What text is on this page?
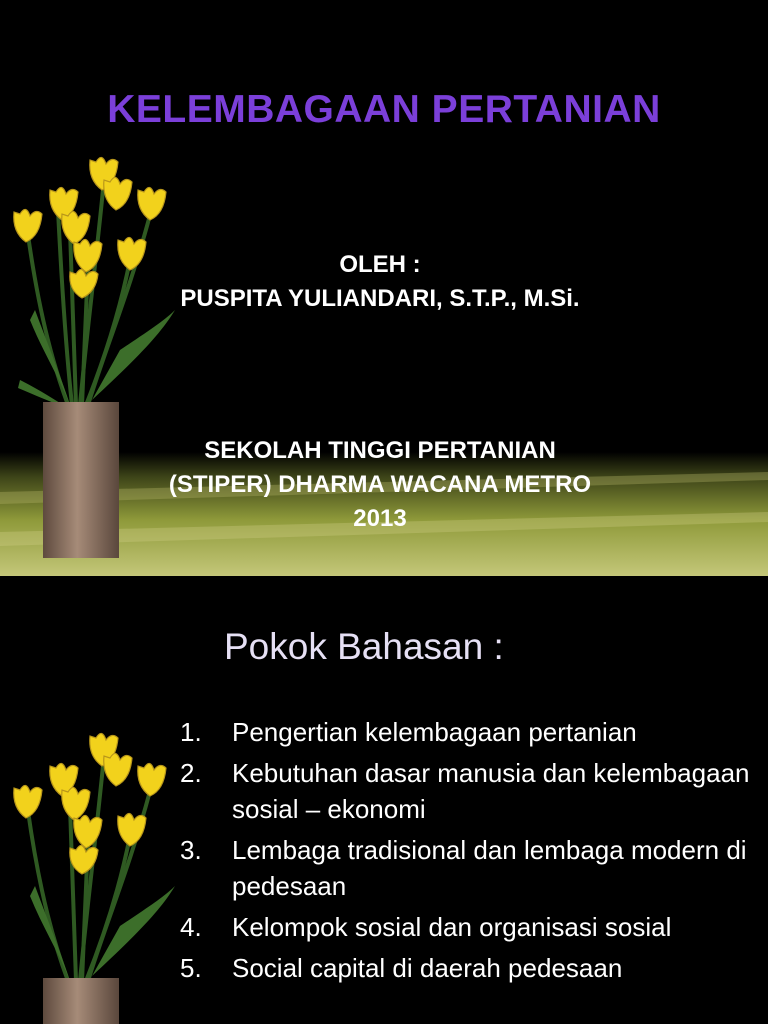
KELEMBAGAAN PERTANIAN
OLEH :
PUSPITA YULIANDARI, S.T.P., M.Si.
SEKOLAH TINGGI PERTANIAN
(STIPER) DHARMA WACANA METRO
2013
Pokok Bahasan :
1. Pengertian kelembagaan pertanian
2. Kebutuhan dasar manusia dan kelembagaan sosial – ekonomi
3. Lembaga tradisional dan lembaga modern di pedesaan
4. Kelompok sosial dan organisasi sosial
5. Social capital di daerah pedesaan
